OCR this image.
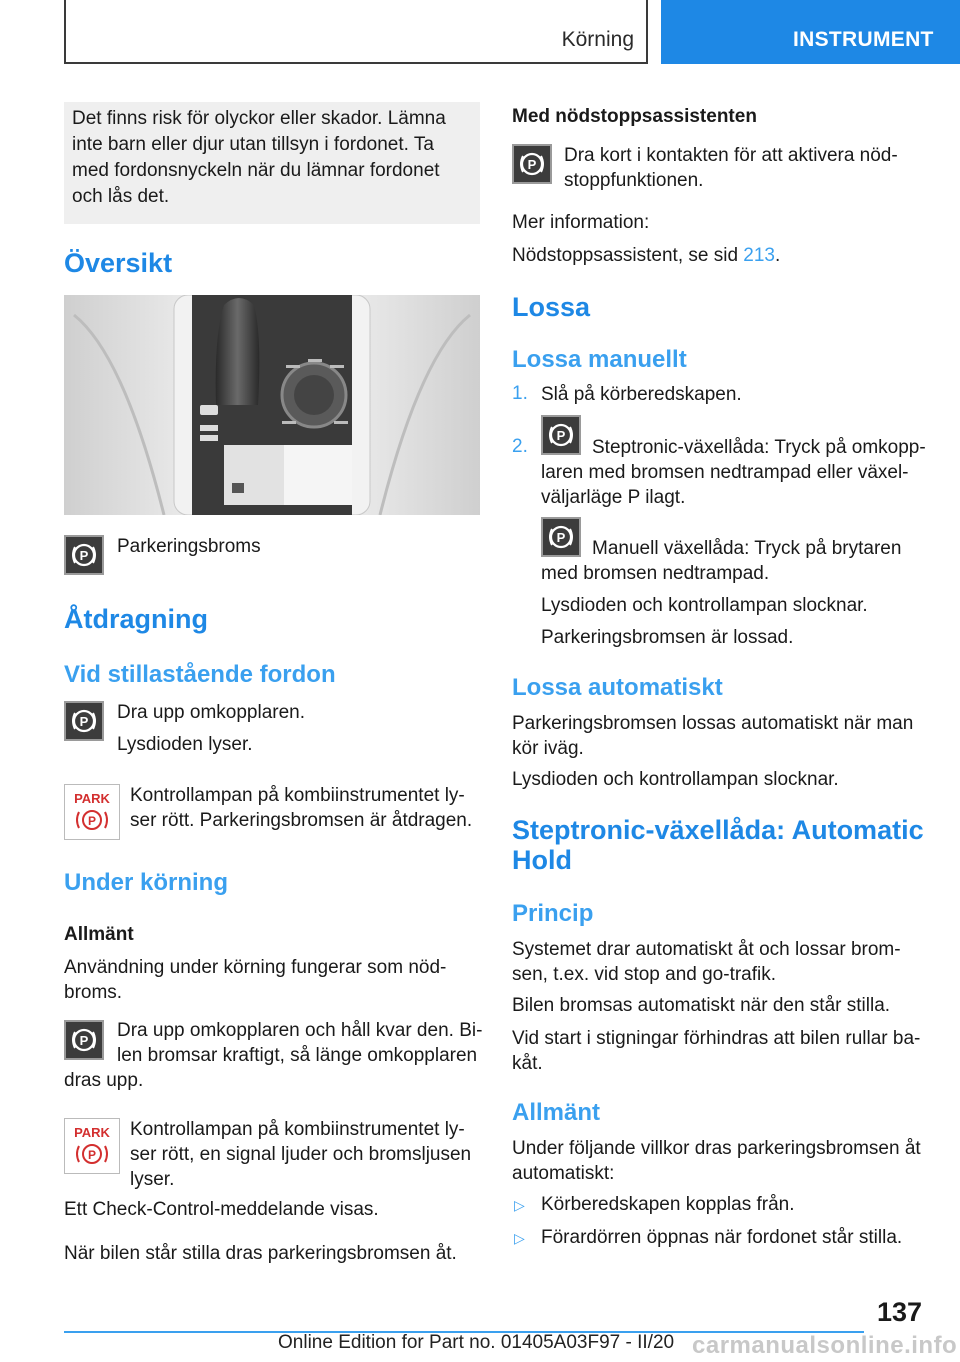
Körning	INSTRUMENT
Det finns risk för olyckor eller skador. Lämna inte barn eller djur utan tillsyn i fordonet. Ta med fordonsnyckeln när du lämnar fordonet och lås det.
Översikt
P Parkeringsbroms
Åtdragning
Vid stillastående fordon
P Dra upp omkopplaren.
Lysdioden lyser.
PARK
P
Kontrollampan på kombiinstrumentet ly- ser rött. Parkeringsbromsen är åtdragen.
Under körning
Allmänt
Användning under körning fungerar som nöd- broms.
P Dra upp omkopplaren och håll kvar den. Bi-
len bromsar kraftigt, så länge omkopplaren
dras upp.
PARK
P
Kontrollampan på kombiinstrumentet ly- ser rött, en signal ljuder och bromsljusen lyser.
Ett Check-Control-meddelande visas.
När bilen står stilla dras parkeringsbromsen åt.
Med nödstoppsassistenten
P Dra kort i kontakten för att aktivera nöd- stoppfunktionen.
Mer information:
Nödstoppsassistent, se sid 213.
Lossa
Lossa manuellt
1. Slå på körberedskapen.
2.
P
Steptronic-växellåda: Tryck på omkopp-
laren med bromsen nedtrampad eller växel-
väljarläge P ilagt.
P
Manuell växellåda: Tryck på brytaren
med bromsen nedtrampad.
Lysdioden och kontrollampan slocknar.
Parkeringsbromsen är lossad.
Lossa automatiskt
Parkeringsbromsen lossas automatiskt när man kör iväg.
Lysdioden och kontrollampan slocknar.
Steptronic-växellåda: Automatic
Hold
Princip
Systemet drar automatiskt åt och lossar brom- sen, t.ex. vid stop and go-trafik.
Bilen bromsas automatiskt när den står stilla.
Vid start i stigningar förhindras att bilen rullar ba- kåt.
Allmänt
Under följande villkor dras parkeringsbromsen åt automatiskt:
▷ Körberedskapen kopplas från.
▷ Förardörren öppnas när fordonet står stilla.
137
Online Edition for Part no. 01405A03F97 - II/20 carmanualsonline.info
